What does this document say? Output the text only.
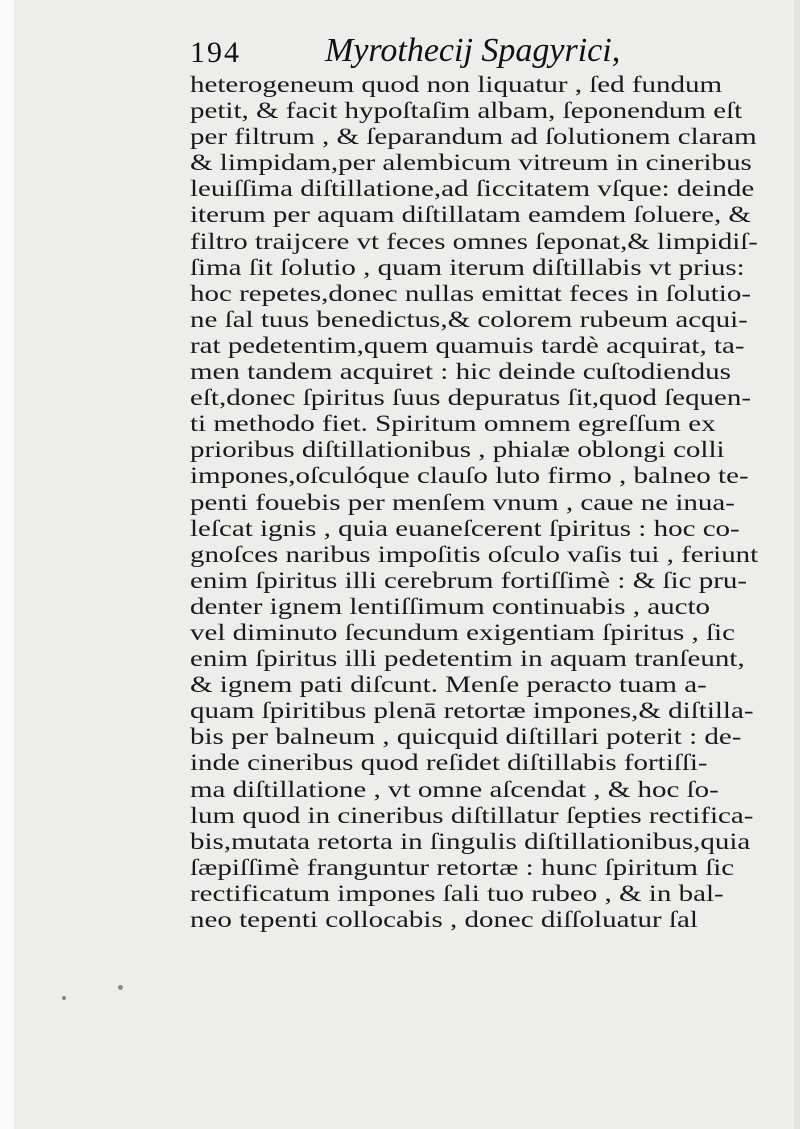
194 Myrothecij Spagyrici,
heterogeneum quod non liquatur , ſed fundum
petit, & facit hypoſtaſim albam, ſeponendum eſt
per filtrum , & ſeparandum ad ſolutionem claram
& limpidam,per alembicum vitreum in cineribus
leuiſſima diſtillatione,ad ſiccitatem vſque: deinde
iterum per aquam diſtillatam eamdem ſoluere, &
filtro traijcere vt feces omnes ſeponat,& limpidiſ-
ſima ſit ſolutio , quam iterum diſtillabis vt prius:
hoc repetes,donec nullas emittat feces in ſolutio-
ne ſal tuus benedictus,& colorem rubeum acqui-
rat pedetentim,quem quamuis tardè acquirat, ta-
men tandem acquiret : hic deinde cuſtodiendus
eſt,donec ſpiritus ſuus depuratus ſit,quod ſequen-
ti methodo fiet. Spiritum omnem egreſſum ex
prioribus diſtillationibus , phialæ oblongi colli
impones,oſculóque clauſo luto firmo , balneo te-
penti fouebis per menſem vnum , caue ne inua-
leſcat ignis , quia euaneſcerent ſpiritus : hoc co-
gnoſces naribus impoſitis oſculo vaſis tui , feriunt
enim ſpiritus illi cerebrum fortiſſimè : & ſic pru-
denter ignem lentiſſimum continuabis , aucto
vel diminuto ſecundum exigentiam ſpiritus , ſic
enim ſpiritus illi pedetentim in aquam tranſeunt,
& ignem pati diſcunt. Menſe peracto tuam a-
quam ſpiritibus plenā retortæ impones,& diſtilla-
bis per balneum , quicquid diſtillari poterit : de-
inde cineribus quod reſidet diſtillabis fortiſſi-
ma diſtillatione , vt omne aſcendat , & hoc ſo-
lum quod in cineribus diſtillatur ſepties rectifica-
bis,mutata retorta in ſingulis diſtillationibus,quia
ſæpiſſimè franguntur retortæ : hunc ſpiritum ſic
rectificatum impones ſali tuo rubeo , & in bal-
neo tepenti collocabis , donec diſſoluatur ſal
